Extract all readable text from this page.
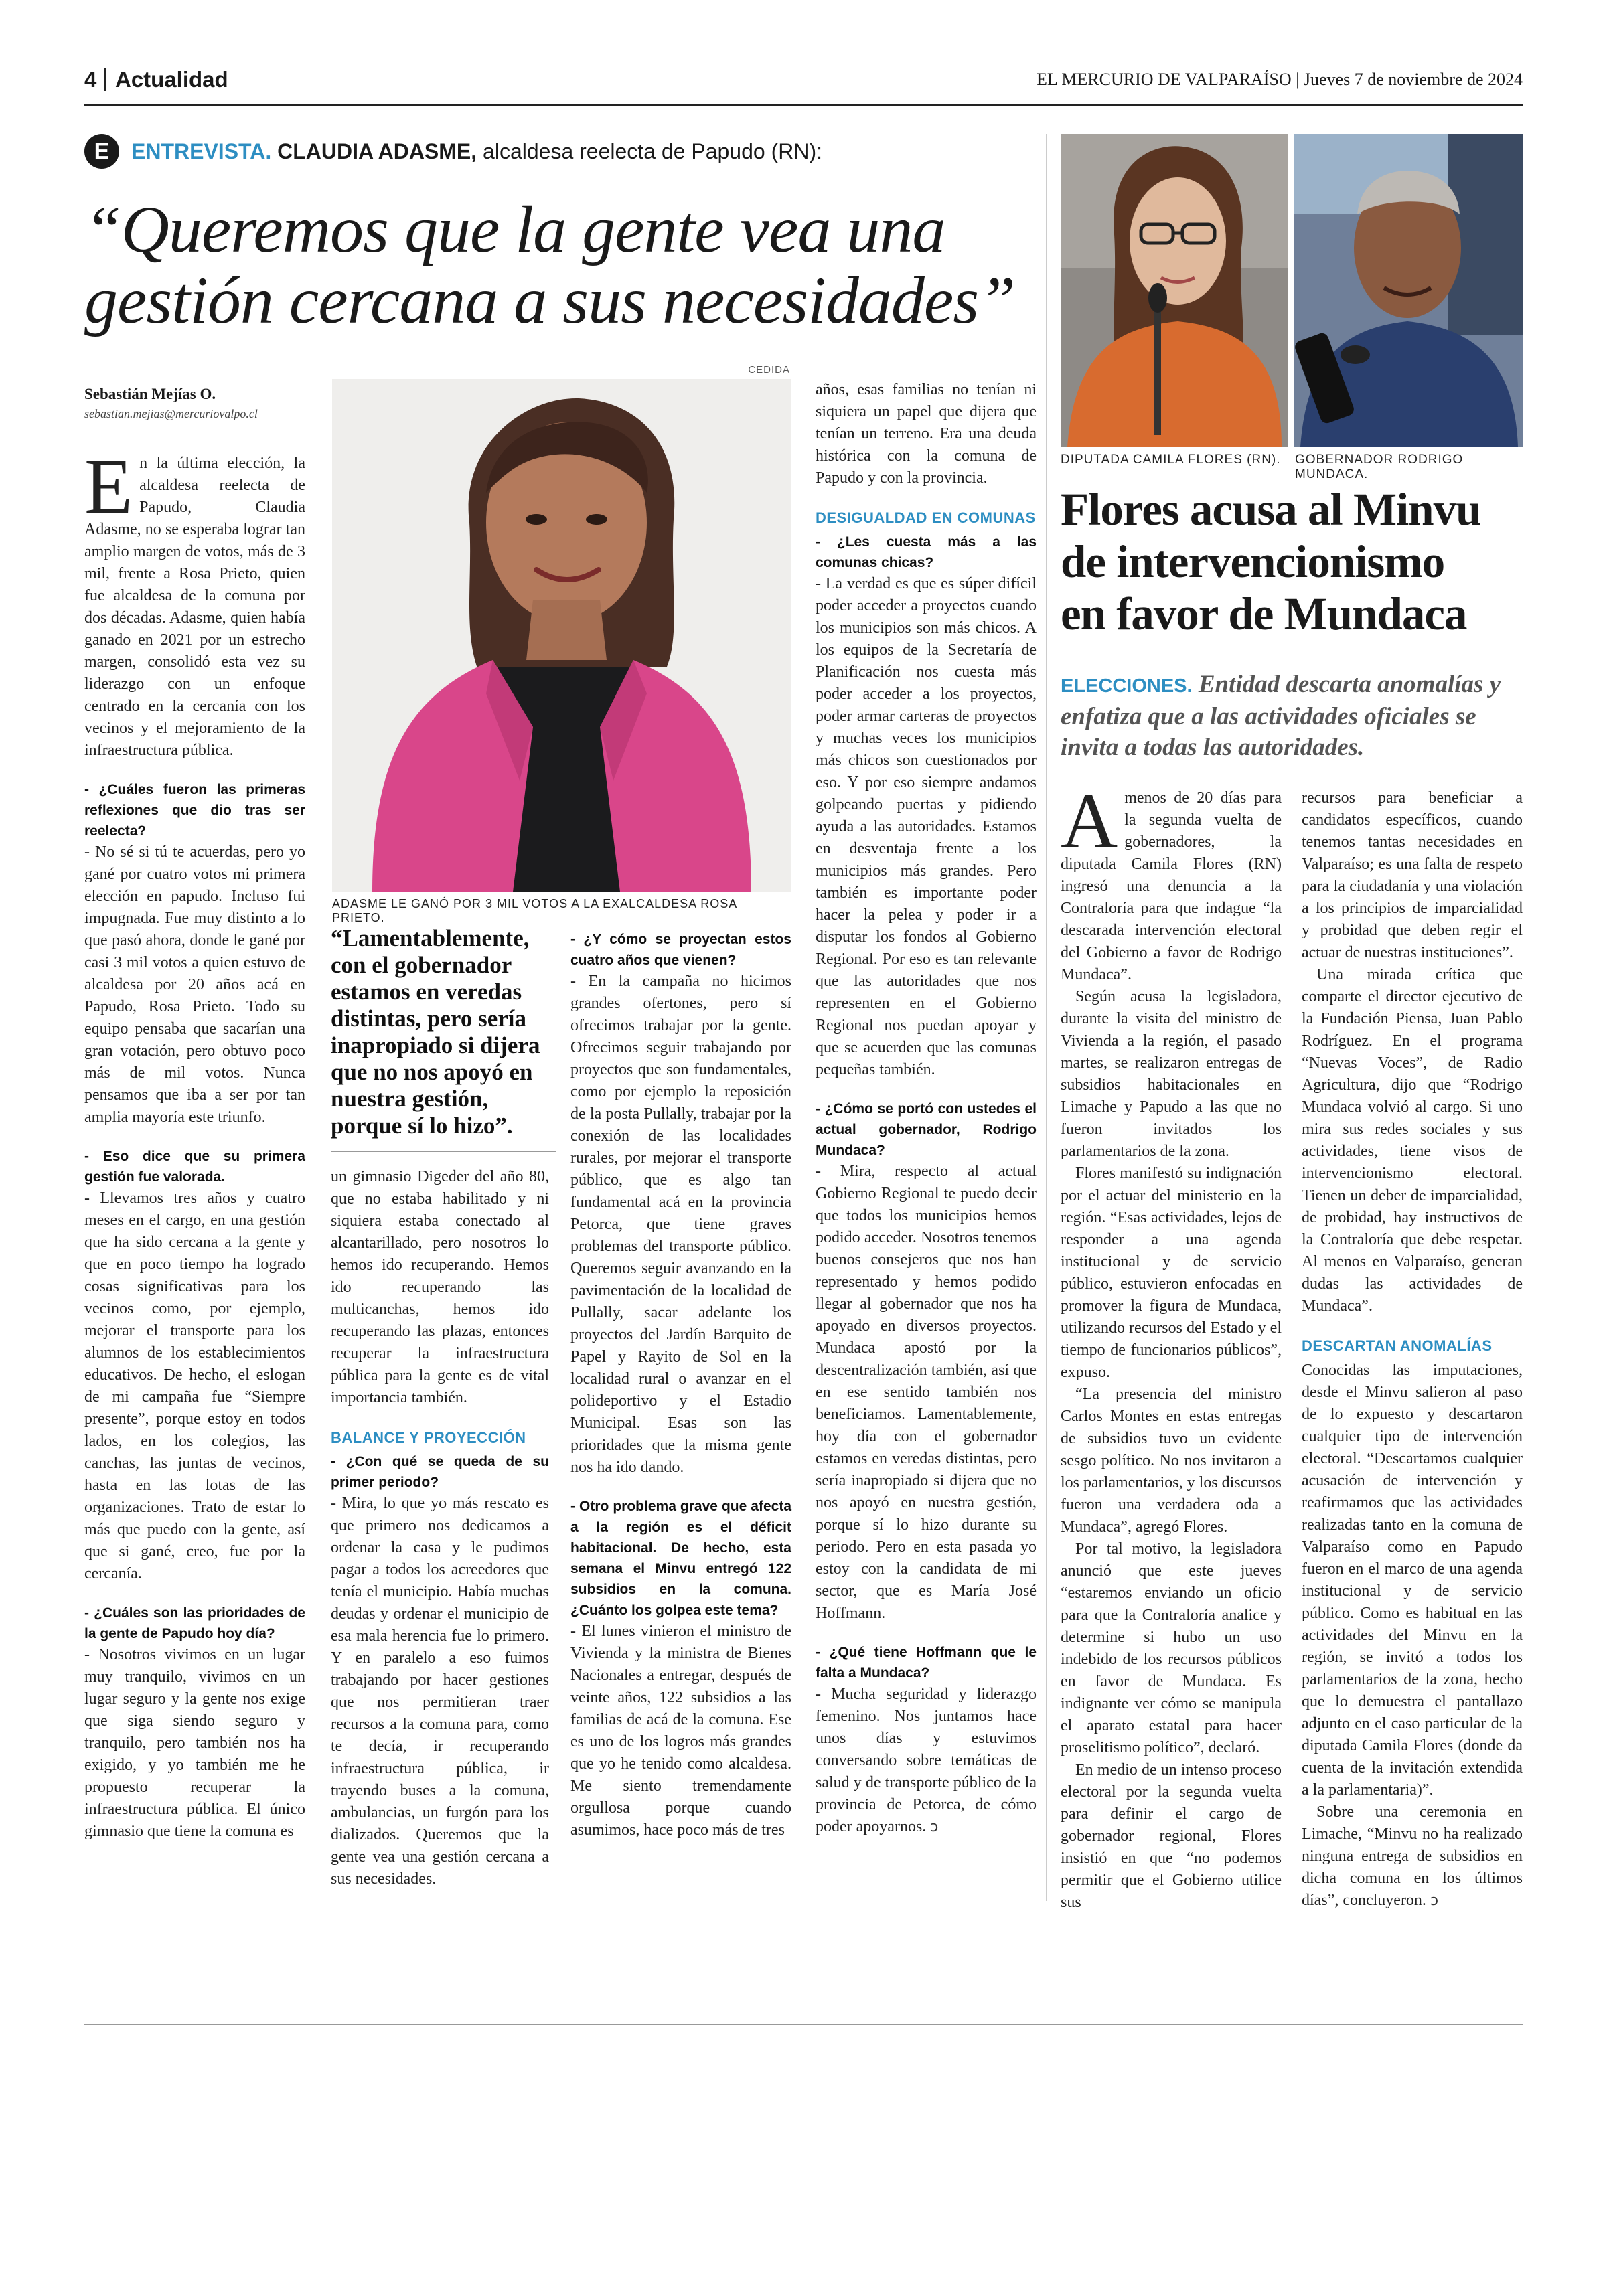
4 Actualidad	EL MERCURIO DE VALPARAÍSO | Jueves 7 de noviembre de 2024
E	ENTREVISTA. CLAUDIA ADASME, alcaldesa reelecta de Papudo (RN):
“Queremos que la gente vea una
gestión cercana a sus necesidades”
Sebastián Mejías O.
sebastian.mejias@mercuriovalpo.cl
CEDIDA
ADASME LE GANÓ POR 3 MIL VOTOS A LA EXALCALDESA ROSA PRIETO.

En la última elección, la alcaldesa reelecta de Papudo, Claudia Adasme, no se esperaba lograr tan amplio margen de votos, más de 3 mil, frente a Rosa Prieto, quien fue alcaldesa de la comuna por dos décadas. Adasme, quien había ganado en 2021 por un estrecho margen, consolidó esta vez su liderazgo con un enfoque centrado en la cercanía con los vecinos y el mejoramiento de la infraestructura pública.

- ¿Cuáles fueron las primeras reflexiones que dio tras ser reelecta?

- No sé si tú te acuerdas, pero yo gané por cuatro votos mi primera elección en papudo. Incluso fui impugnada. Fue muy distinto a lo que pasó ahora, donde le gané por casi 3 mil votos a quien estuvo de alcaldesa por 20 años acá en Papudo, Rosa Prieto. Todo su equipo pensaba que sacarían una gran votación, pero obtuvo poco más de mil votos. Nunca pensamos que iba a ser por tan amplia mayoría este triunfo.

- Eso dice que su primera gestión fue valorada.

- Llevamos tres años y cuatro meses en el cargo, en una gestión que ha sido cercana a la gente y que en poco tiempo ha logrado cosas significativas para los vecinos como, por ejemplo, mejorar el transporte para los alumnos de los establecimientos educativos. De hecho, el eslogan de mi campaña fue “Siempre presente”, porque estoy en todos lados, en los colegios, las canchas, las juntas de vecinos, hasta en las lotas de las organizaciones. Trato de estar lo más que puedo con la gente, así que si gané, creo, fue por la cercanía.

- ¿Cuáles son las prioridades de la gente de Papudo hoy día?

- Nosotros vivimos en un lugar muy tranquilo, vivimos en un lugar seguro y la gente nos exige que siga siendo seguro y tranquilo, pero también nos ha exigido, y yo también me he propuesto recuperar la infraestructura pública. El único gimnasio que tiene la comuna es

“Lamentablemente, con el gobernador estamos en veredas distintas, pero sería inapropiado si dijera que no nos apoyó en nuestra gestión, porque sí lo hizo”.

un gimnasio Digeder del año 80, que no estaba habilitado y ni siquiera estaba conectado al alcantarillado, pero nosotros lo hemos ido recuperando. Hemos ido recuperando las multicanchas, hemos ido recuperando las plazas, entonces recuperar la infraestructura pública para la gente es de vital importancia también.

BALANCE Y PROYECCIÓN

- ¿Con qué se queda de su primer periodo?

- Mira, lo que yo más rescato es que primero nos dedicamos a ordenar la casa y le pudimos pagar a todos los acreedores que tenía el municipio. Había muchas deudas y ordenar el municipio de esa mala herencia fue lo primero. Y en paralelo a eso fuimos trabajando por hacer gestiones que nos permitieran traer recursos a la comuna para, como te decía, ir recuperando infraestructura pública, ir trayendo buses a la comuna, ambulancias, un furgón para los dializados. Queremos que la gente vea una gestión cercana a sus necesidades.

- ¿Y cómo se proyectan estos cuatro años que vienen?

- En la campaña no hicimos grandes ofertones, pero sí ofrecimos trabajar por la gente. Ofrecimos seguir trabajando por proyectos que son fundamentales, como por ejemplo la reposición de la posta Pullally, trabajar por la conexión de las localidades rurales, por mejorar el transporte público, que es algo tan fundamental acá en la provincia Petorca, que tiene graves problemas del transporte público. Queremos seguir avanzando en la pavimentación de la localidad de Pullally, sacar adelante los proyectos del Jardín Barquito de Papel y Rayito de Sol en la localidad rural o avanzar en el polideportivo y el Estadio Municipal. Esas son las prioridades que la misma gente nos ha ido dando.

- Otro problema grave que afecta a la región es el déficit habitacional. De hecho, esta semana el Minvu entregó 122 subsidios en la comuna. ¿Cuánto los golpea este tema?

- El lunes vinieron el ministro de Vivienda y la ministra de Bienes Nacionales a entregar, después de veinte años, 122 subsidios a las familias de acá de la comuna. Ese es uno de los logros más grandes que yo he tenido como alcaldesa. Me siento tremendamente orgullosa porque cuando asumimos, hace poco más de tres

años, esas familias no tenían ni siquiera un papel que dijera que tenían un terreno. Era una deuda histórica con la comuna de Papudo y con la provincia.

DESIGUALDAD EN COMUNAS

- ¿Les cuesta más a las comunas chicas?

- La verdad es que es súper difícil poder acceder a proyectos cuando los municipios son más chicos. A los equipos de la Secretaría de Planificación nos cuesta más poder acceder a los proyectos, poder armar carteras de proyectos y muchas veces los municipios más chicos son cuestionados por eso. Y por eso siempre andamos golpeando puertas y pidiendo ayuda a las autoridades. Estamos en desventaja frente a los municipios más grandes. Pero también es importante poder hacer la pelea y poder ir a disputar los fondos al Gobierno Regional. Por eso es tan relevante que las autoridades que nos representen en el Gobierno Regional nos puedan apoyar y que se acuerden que las comunas pequeñas también.

- ¿Cómo se portó con ustedes el actual gobernador, Rodrigo Mundaca?

- Mira, respecto al actual Gobierno Regional te puedo decir que todos los municipios hemos podido acceder. Nosotros tenemos buenos consejeros que nos han representado y hemos podido llegar al gobernador que nos ha apoyado en diversos proyectos. Mundaca apostó por la descentralización también, así que en ese sentido también nos beneficiamos. Lamentablemente, hoy día con el gobernador estamos en veredas distintas, pero sería inapropiado si dijera que no nos apoyó en nuestra gestión, porque sí lo hizo durante su periodo. Pero en esta pasada yo estoy con la candidata de mi sector, que es María José Hoffmann.

- ¿Qué tiene Hoffmann que le falta a Mundaca?

- Mucha seguridad y liderazgo femenino. Nos juntamos hace unos días y estuvimos conversando sobre temáticas de salud y de transporte público de la provincia de Petorca, de cómo poder apoyarnos. ↄ

DIPUTADA CAMILA FLORES (RN).	GOBERNADOR RODRIGO MUNDACA.
Flores acusa al Minvu
de intervencionismo
en favor de Mundaca
ELECCIONES. Entidad descarta anomalías y enfatiza que a las actividades oficiales se invita a todas las autoridades.

A menos de 20 días para la segunda vuelta de gobernadores, la diputada Camila Flores (RN) ingresó una denuncia a la Contraloría para que indague “la descarada intervención electoral del Gobierno a favor de Rodrigo Mundaca”.

Según acusa la legisladora, durante la visita del ministro de Vivienda a la región, el pasado martes, se realizaron entregas de subsidios habitacionales en Limache y Papudo a las que no fueron invitados los parlamentarios de la zona.

Flores manifestó su indignación por el actuar del ministerio en la región. “Esas actividades, lejos de responder a una agenda institucional y de servicio público, estuvieron enfocadas en promover la figura de Mundaca, utilizando recursos del Estado y el tiempo de funcionarios públicos”, expuso.

“La presencia del ministro Carlos Montes en estas entregas de subsidios tuvo un evidente sesgo político. No nos invitaron a los parlamentarios, y los discursos fueron una verdadera oda a Mundaca”, agregó Flores.

Por tal motivo, la legisladora anunció que este jueves “estaremos enviando un oficio para que la Contraloría analice y determine si hubo un uso indebido de los recursos públicos en favor de Mundaca. Es indignante ver cómo se manipula el aparato estatal para hacer proselitismo político”, declaró.

En medio de un intenso proceso electoral por la segunda vuelta para definir el cargo de gobernador regional, Flores insistió en que “no podemos permitir que el Gobierno utilice sus

recursos para beneficiar a candidatos específicos, cuando tenemos tantas necesidades en Valparaíso; es una falta de respeto para la ciudadanía y una violación a los principios de imparcialidad y probidad que deben regir el actuar de nuestras instituciones”.

Una mirada crítica que comparte el director ejecutivo de la Fundación Piensa, Juan Pablo Rodríguez. En el programa “Nuevas Voces”, de Radio Agricultura, dijo que “Rodrigo Mundaca volvió al cargo. Si uno mira sus redes sociales y sus actividades, tiene visos de intervencionismo electoral. Tienen un deber de imparcialidad, de probidad, hay instructivos de la Contraloría que debe respetar. Al menos en Valparaíso, generan dudas las actividades de Mundaca”.

DESCARTAN ANOMALÍAS

Conocidas las imputaciones, desde el Minvu salieron al paso de lo expuesto y descartaron cualquier tipo de intervención electoral. “Descartamos cualquier acusación de intervención y reafirmamos que las actividades realizadas tanto en la comuna de Valparaíso como en Papudo fueron en el marco de una agenda institucional y de servicio público. Como es habitual en las actividades del Minvu en la región, se invitó a todos los parlamentarios de la zona, hecho que lo demuestra el pantallazo adjunto en el caso particular de la diputada Camila Flores (donde da cuenta de la invitación extendida a la parlamentaria)”.

Sobre una ceremonia en Limache, “Minvu no ha realizado ninguna entrega de subsidios en dicha comuna en los últimos días”, concluyeron. ↄ
